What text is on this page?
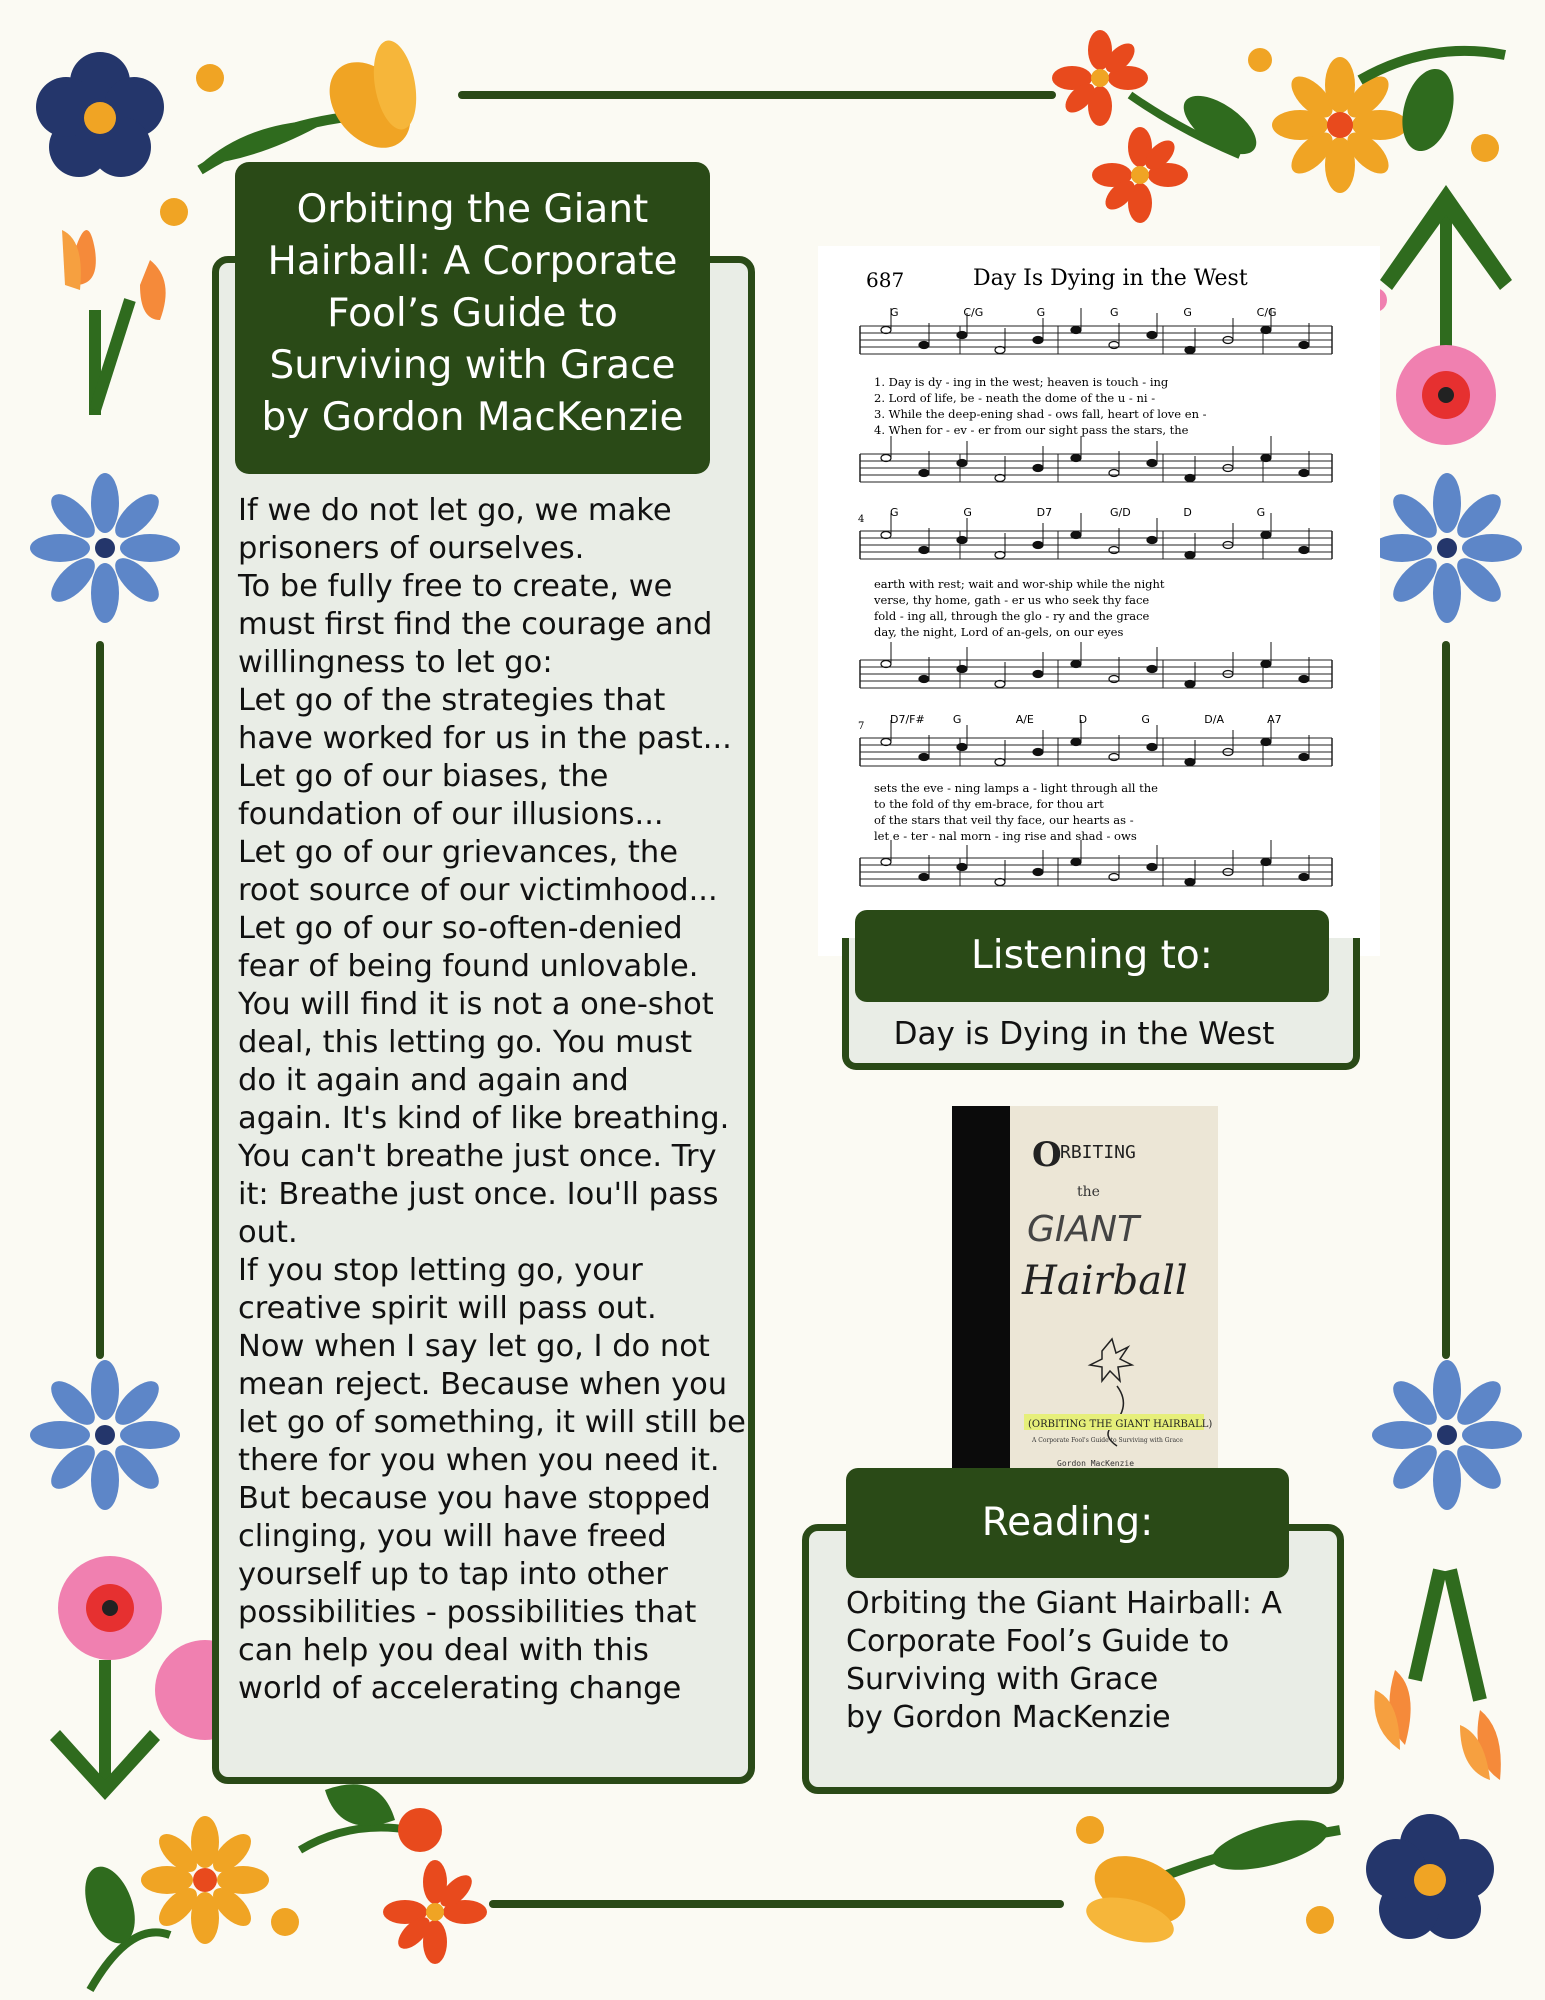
Orbiting the Giant
Hairball: A Corporate
Fool’s Guide to
Surviving with Grace
by Gordon MacKenzie

If we do not let go, we make

prisoners of ourselves.

To be fully free to create, we

must first find the courage and

willingness to let go:

Let go of the strategies that

have worked for us in the past...

Let go of our biases, the

foundation of our illusions...

Let go of our grievances, the

root source of our victimhood...

Let go of our so-often-denied

fear of being found unlovable.

You will find it is not a one-shot

deal, this letting go. You must

do it again and again and

again. It's kind of like breathing.

You can't breathe just once. Try

it: Breathe just once. Iou'll pass

out.

If you stop letting go, your

creative spirit will pass out.

Now when I say let go, I do not

mean reject. Because when you

let go of something, it will still be

there for you when you need it.

But because you have stopped

clinging, you will have freed

yourself up to tap into other

possibilities - possibilities that

can help you deal with this

world of accelerating change

687	Day Is Dying in the West
G	C/G	G	G	G	C/G
1. Day is dy - ing in the west; heaven is touch - ing
2. Lord of life, be - neath the dome of the u - ni -
3. While the deep-ening shad - ows fall, heart of love en -
4. When for - ev - er from our sight pass the stars, the
4
G	G	D7	G/D	D	G
earth with rest; wait and wor-ship while the night
verse, thy home, gath - er us who seek thy face
fold - ing all, through the glo - ry and the grace
day, the night, Lord of an-gels, on our eyes
7
D7/F#	G	A/E	D	G	D/A	A7
sets the eve - ning lamps a - light through all the
to the fold of thy em-brace, for thou art
of the stars that veil thy face, our hearts as -
let e - ter - nal morn - ing rise and shad - ows
Listening to:
Day is Dying in the West
O
RBITING
the
GIANT
Hairball
(ORBITING THE GIANT HAIRBALL)
A Corporate Fool's Guide to Surviving with Grace
Gordon MacKenzie
Reading:
Orbiting the Giant Hairball: A
Corporate Fool’s Guide to
Surviving with Grace
by Gordon MacKenzie
